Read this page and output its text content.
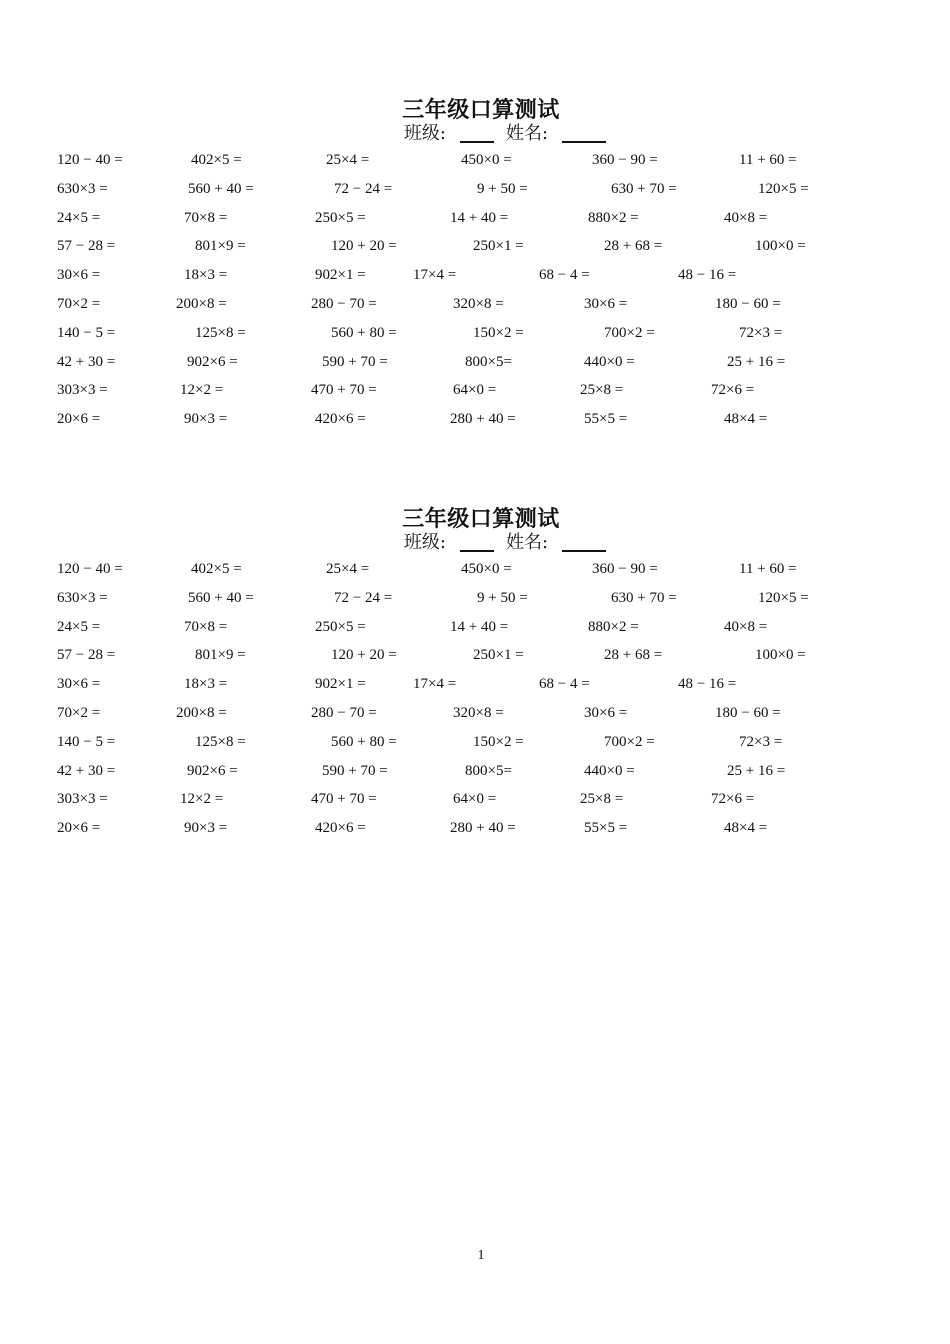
三年级口算测试
班级:	姓名:
120 − 40 =	402×5 =	25×4 =	450×0 =	360 − 90 =	11 + 60 =
630×3 =	560 + 40 =	72 − 24 =	9 + 50 =	630 + 70 =	120×5 =
24×5 =	70×8 =	250×5 =	14 + 40 =	880×2 =	40×8 =
57 − 28 =	801×9 =	120 + 20 =	250×1 =	28 + 68 =	100×0 =
30×6 =	18×3 =	902×1 =	17×4 =	68 − 4 =	48 − 16 =
70×2 =	200×8 =	280 − 70 =	320×8 =	30×6 =	180 − 60 =
140 − 5 =	125×8 =	560 + 80 =	150×2 =	700×2 =	72×3 =
42 + 30 =	902×6 =	590 + 70 =	800×5=	440×0 =	25 + 16 =
303×3 =	12×2 =	470 + 70 =	64×0 =	25×8 =	72×6 =
20×6 =	90×3 =	420×6 =	280 + 40 =	55×5 =	48×4 =
三年级口算测试
班级:	姓名:
120 − 40 =	402×5 =	25×4 =	450×0 =	360 − 90 =	11 + 60 =
630×3 =	560 + 40 =	72 − 24 =	9 + 50 =	630 + 70 =	120×5 =
24×5 =	70×8 =	250×5 =	14 + 40 =	880×2 =	40×8 =
57 − 28 =	801×9 =	120 + 20 =	250×1 =	28 + 68 =	100×0 =
30×6 =	18×3 =	902×1 =	17×4 =	68 − 4 =	48 − 16 =
70×2 =	200×8 =	280 − 70 =	320×8 =	30×6 =	180 − 60 =
140 − 5 =	125×8 =	560 + 80 =	150×2 =	700×2 =	72×3 =
42 + 30 =	902×6 =	590 + 70 =	800×5=	440×0 =	25 + 16 =
303×3 =	12×2 =	470 + 70 =	64×0 =	25×8 =	72×6 =
20×6 =	90×3 =	420×6 =	280 + 40 =	55×5 =	48×4 =
1
